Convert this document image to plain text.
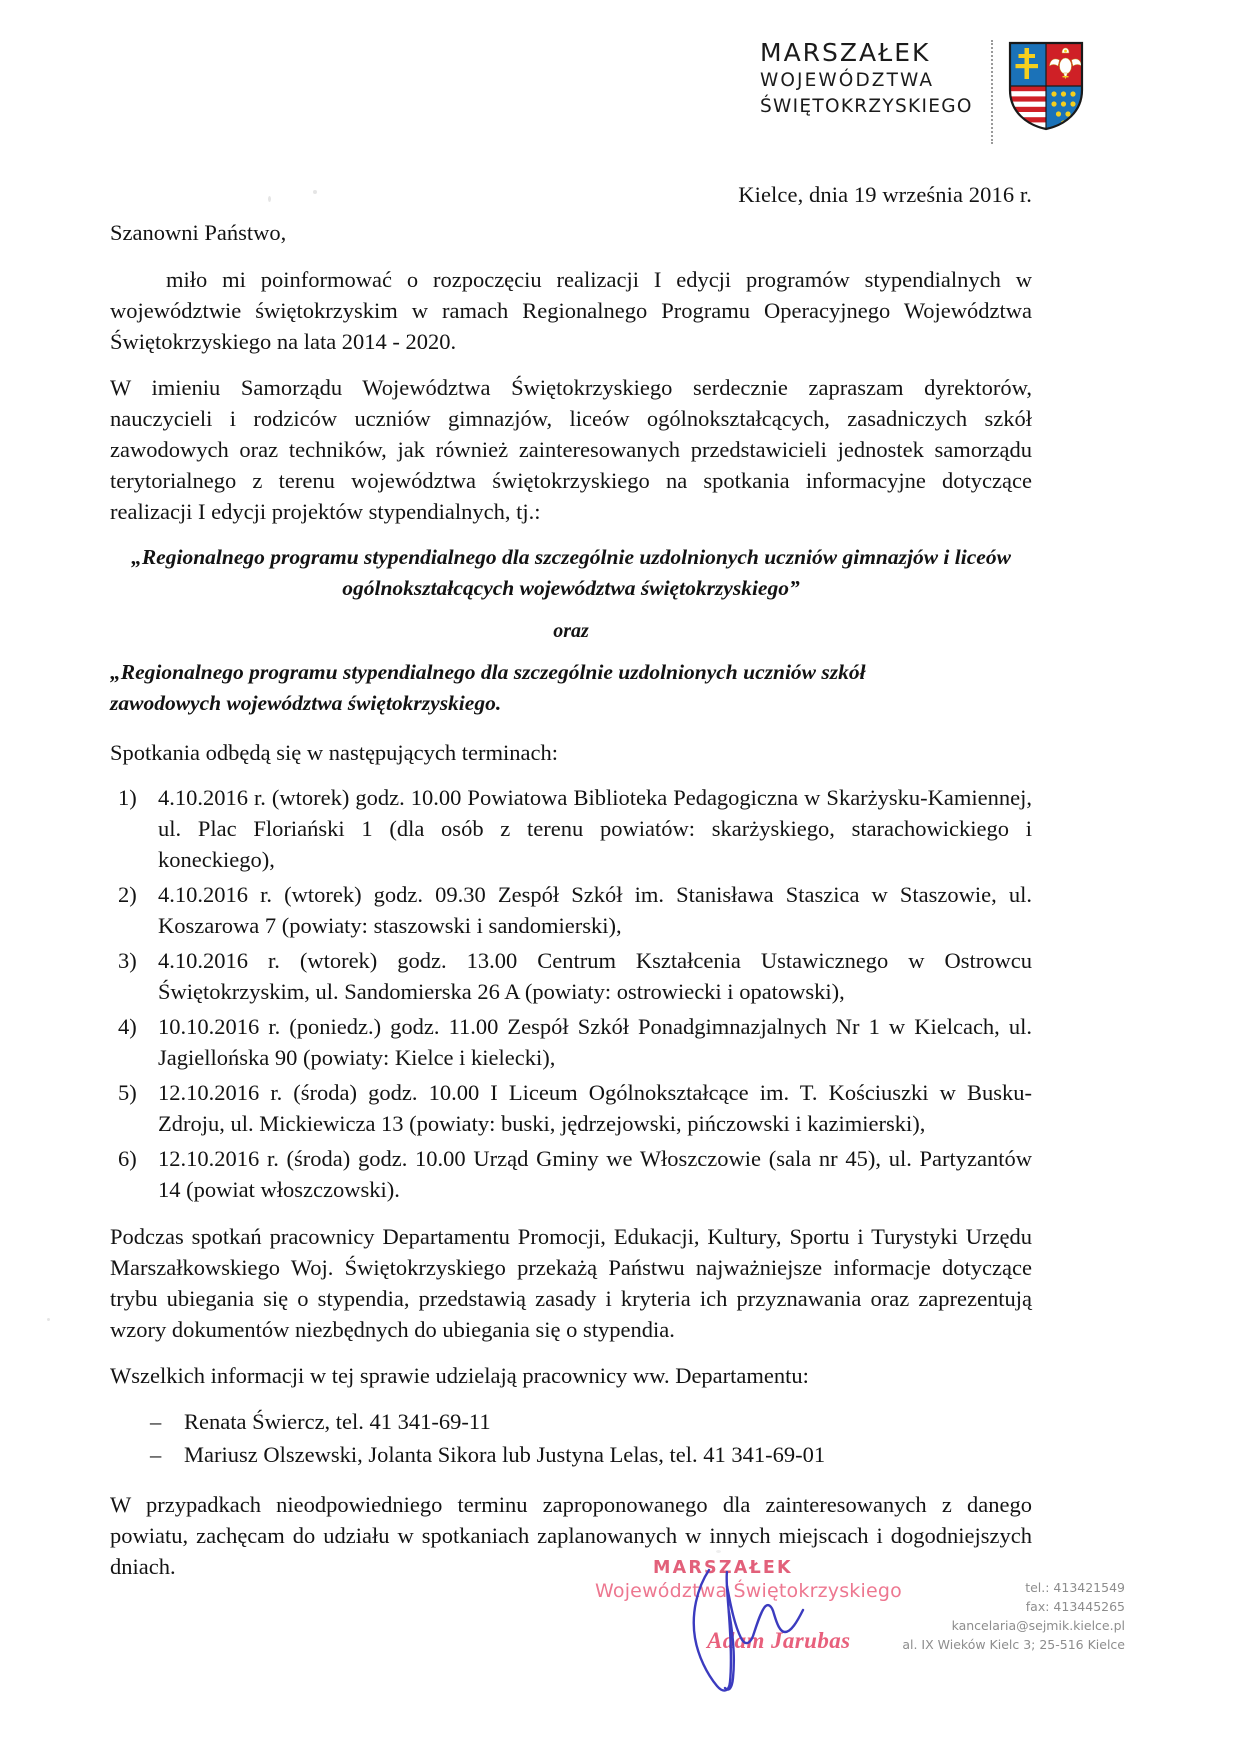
MARSZAŁEK
WOJEWÓDZTWA
ŚWIĘTOKRZYSKIEGO
Kielce, dnia 19 września 2016 r.

Szanowni Państwo,

miło mi poinformować o rozpoczęciu realizacji I edycji programów stypendialnych w województwie świętokrzyskim w ramach Regionalnego Programu Operacyjnego Województwa Świętokrzyskiego na lata 2014 - 2020.

W imieniu Samorządu Województwa Świętokrzyskiego serdecznie zapraszam dyrektorów, nauczycieli i rodziców uczniów gimnazjów, liceów ogólnokształcących, zasadniczych szkół zawodowych oraz techników, jak również zainteresowanych przedstawicieli jednostek samorządu terytorialnego z terenu województwa świętokrzyskiego na spotkania informacyjne dotyczące realizacji I edycji projektów stypendialnych, tj.:

„Regionalnego programu stypendialnego dla szczególnie uzdolnionych uczniów gimnazjów i liceów ogólnokształcących województwa świętokrzyskiego”

oraz

„Regionalnego programu stypendialnego dla szczególnie uzdolnionych uczniów szkół
zawodowych województwa świętokrzyskiego.

Spotkania odbędą się w następujących terminach:

1) 4.10.2016 r. (wtorek) godz. 10.00 Powiatowa Biblioteka Pedagogiczna w Skarżysku-Kamiennej, ul. Plac Floriański 1 (dla osób z terenu powiatów: skarżyskiego, starachowickiego i koneckiego),
2) 4.10.2016 r. (wtorek) godz. 09.30 Zespół Szkół im. Stanisława Staszica w Staszowie, ul. Koszarowa 7 (powiaty: staszowski i sandomierski),
3) 4.10.2016 r. (wtorek) godz. 13.00 Centrum Kształcenia Ustawicznego w Ostrowcu Świętokrzyskim, ul. Sandomierska 26 A (powiaty: ostrowiecki i opatowski),
4) 10.10.2016 r. (poniedz.) godz. 11.00 Zespół Szkół Ponadgimnazjalnych Nr 1 w Kielcach, ul. Jagiellońska 90 (powiaty: Kielce i kielecki),
5) 12.10.2016 r. (środa) godz. 10.00 I Liceum Ogólnokształcące im. T. Kościuszki w Busku-Zdroju, ul. Mickiewicza 13 (powiaty: buski, jędrzejowski, pińczowski i kazimierski),
6) 12.10.2016 r. (środa) godz. 10.00 Urząd Gminy we Włoszczowie (sala nr 45), ul. Partyzantów 14 (powiat włoszczowski).

Podczas spotkań pracownicy Departamentu Promocji, Edukacji, Kultury, Sportu i Turystyki Urzędu Marszałkowskiego Woj. Świętokrzyskiego przekażą Państwu najważniejsze informacje dotyczące trybu ubiegania się o stypendia, przedstawią zasady i kryteria ich przyznawania oraz zaprezentują wzory dokumentów niezbędnych do ubiegania się o stypendia.

Wszelkich informacji w tej sprawie udzielają pracownicy ww. Departamentu:

– Renata Świercz, tel. 41 341-69-11
– Mariusz Olszewski, Jolanta Sikora lub Justyna Lelas, tel. 41 341-69-01

W przypadkach nieodpowiedniego terminu zaproponowanego dla zainteresowanych z danego powiatu, zachęcam do udziału w spotkaniach zaplanowanych w innych miejscach i dogodniejszych dniach.	MARSZAŁEK
Województwa Świętokrzyskiego
Adam Jarubas
tel.: 413421549
fax: 413445265
kancelaria@sejmik.kielce.pl
al. IX Wieków Kielc 3; 25-516 Kielce
